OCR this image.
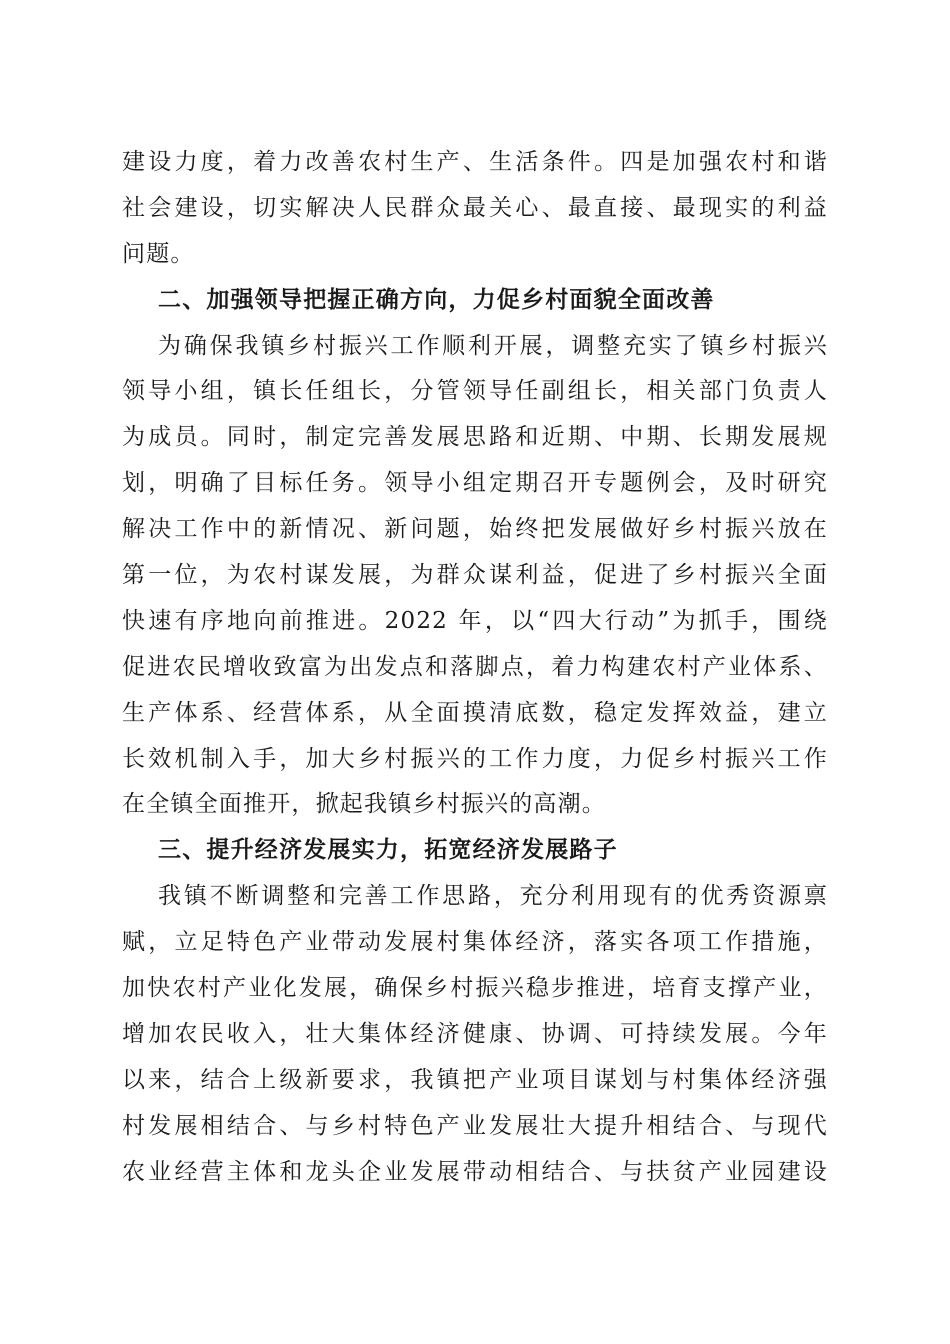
建设力度，着力改善农村生产、生活条件。四是加强农村和谐
社会建设，切实解决人民群众最关心、最直接、最现实的利益
问题。
二、加强领导把握正确方向，力促乡村面貌全面改善
为确保我镇乡村振兴工作顺利开展，调整充实了镇乡村振兴
领导小组，镇长任组长，分管领导任副组长，相关部门负责人
为成员。同时，制定完善发展思路和近期、中期、长期发展规
划，明确了目标任务。领导小组定期召开专题例会，及时研究
解决工作中的新情况、新问题，始终把发展做好乡村振兴放在
第一位，为农村谋发展，为群众谋利益，促进了乡村振兴全面
快速有序地向前推进。2022 年，以“四大行动”为抓手，围绕
促进农民增收致富为出发点和落脚点，着力构建农村产业体系、
生产体系、经营体系，从全面摸清底数，稳定发挥效益，建立
长效机制入手，加大乡村振兴的工作力度，力促乡村振兴工作
在全镇全面推开，掀起我镇乡村振兴的高潮。
三、提升经济发展实力，拓宽经济发展路子
我镇不断调整和完善工作思路，充分利用现有的优秀资源禀
赋，立足特色产业带动发展村集体经济，落实各项工作措施，
加快农村产业化发展，确保乡村振兴稳步推进，培育支撑产业，
增加农民收入，壮大集体经济健康、协调、可持续发展。今年
以来，结合上级新要求，我镇把产业项目谋划与村集体经济强
村发展相结合、与乡村特色产业发展壮大提升相结合、与现代
农业经营主体和龙头企业发展带动相结合、与扶贫产业园建设
